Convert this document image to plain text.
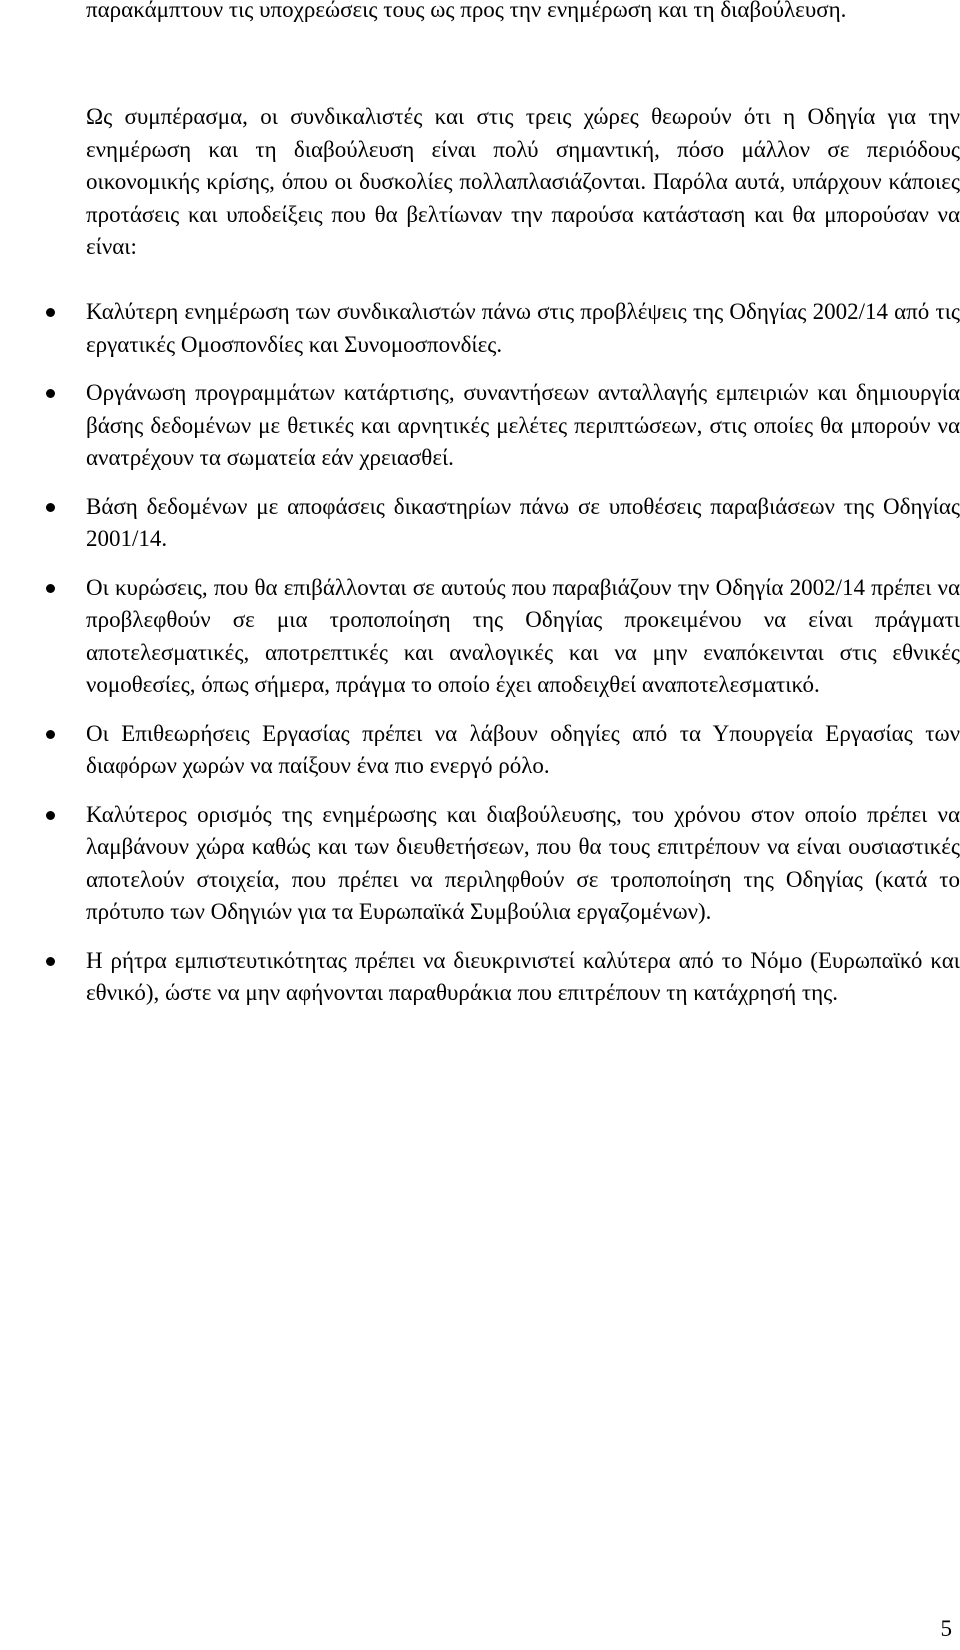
παρακάμπτουν τις υποχρεώσεις τους ως προς την ενημέρωση και τη διαβούλευση.

Ως συμπέρασμα, οι συνδικαλιστές και στις τρεις χώρες θεωρούν ότι η Οδηγία για την ενημέρωση και τη διαβούλευση είναι πολύ σημαντική, πόσο μάλλον σε περιόδους οικονομικής κρίσης, όπου οι δυσκολίες πολλαπλασιάζονται. Παρόλα αυτά, υπάρχουν κάποιες προτάσεις και υποδείξεις που θα βελτίωναν την παρούσα κατάσταση και θα μπορούσαν να είναι:

Καλύτερη ενημέρωση των συνδικαλιστών πάνω στις προβλέψεις της Οδηγίας 2002/14 από τις εργατικές Ομοσπονδίες και Συνομοσπονδίες.
Οργάνωση προγραμμάτων κατάρτισης, συναντήσεων ανταλλαγής εμπειριών και δημιουργία βάσης δεδομένων με θετικές και αρνητικές μελέτες περιπτώσεων, στις οποίες θα μπορούν να ανατρέχουν τα σωματεία εάν χρειασθεί.
Βάση δεδομένων με αποφάσεις δικαστηρίων πάνω σε υποθέσεις παραβιάσεων της Οδηγίας 2001/14.
Οι κυρώσεις, που θα επιβάλλονται σε αυτούς που παραβιάζουν την Οδηγία 2002/14 πρέπει να προβλεφθούν σε μια τροποποίηση της Οδηγίας προκειμένου να είναι πράγματι αποτελεσματικές, αποτρεπτικές και αναλογικές και να μην εναπόκεινται στις εθνικές νομοθεσίες, όπως σήμερα, πράγμα το οποίο έχει αποδειχθεί αναποτελεσματικό.
Οι Επιθεωρήσεις Εργασίας πρέπει να λάβουν οδηγίες από τα Υπουργεία Εργασίας των διαφόρων χωρών να παίξουν ένα πιο ενεργό ρόλο.
Καλύτερος ορισμός της ενημέρωσης και διαβούλευσης, του χρόνου στον οποίο πρέπει να λαμβάνουν χώρα καθώς και των διευθετήσεων, που θα τους επιτρέπουν να είναι ουσιαστικές αποτελούν στοιχεία, που πρέπει να περιληφθούν σε τροποποίηση της Οδηγίας (κατά το πρότυπο των Οδηγιών για τα Ευρωπαϊκά Συμβούλια εργαζομένων).
Η ρήτρα εμπιστευτικότητας πρέπει να διευκρινιστεί καλύτερα από το Νόμο (Ευρωπαϊκό και εθνικό), ώστε να μην αφήνονται παραθυράκια που επιτρέπουν τη κατάχρησή της.
5
